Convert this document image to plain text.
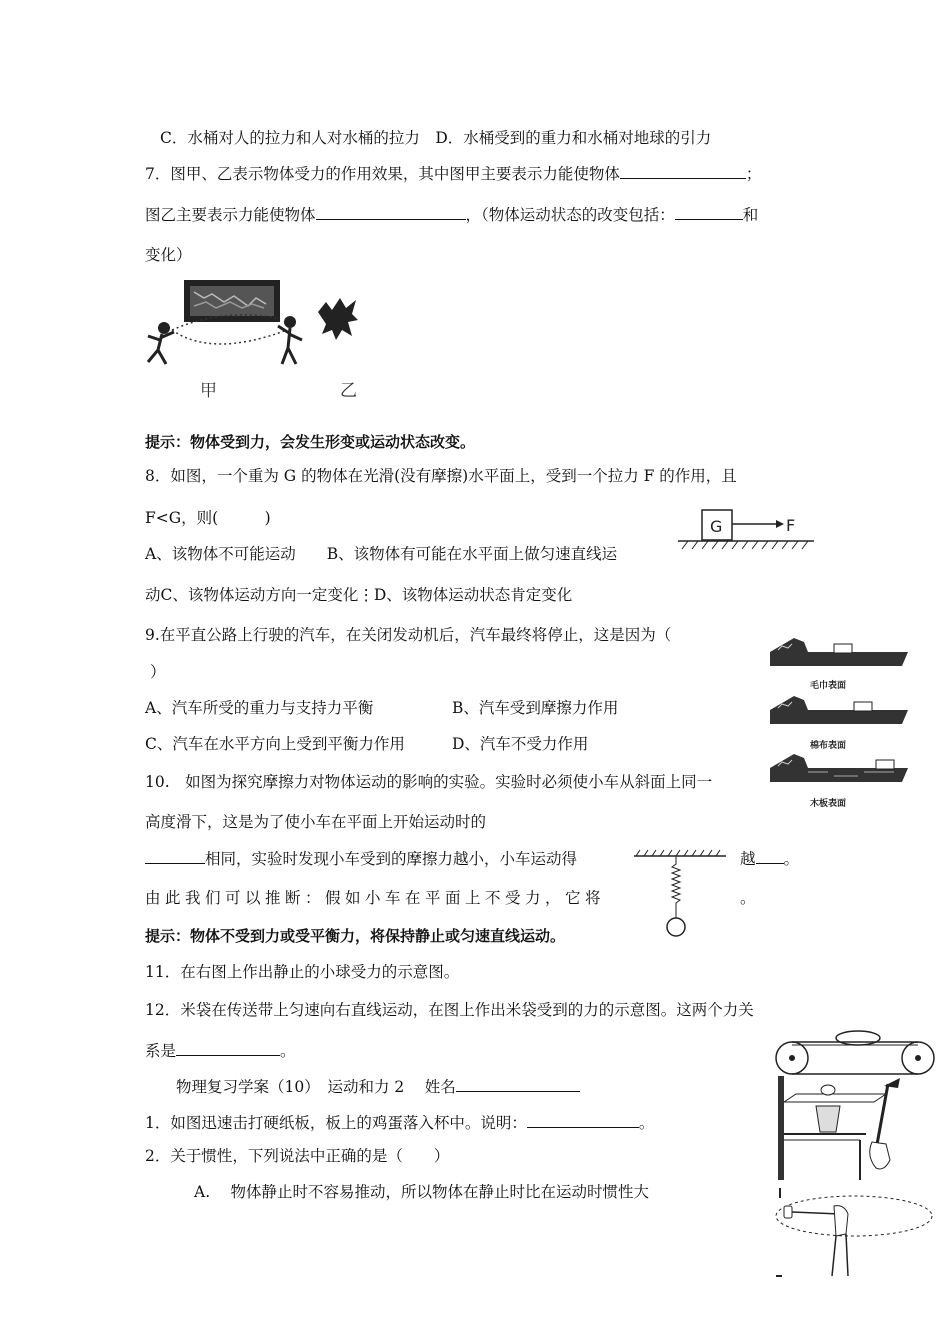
C．水桶对人的拉力和人对水桶的拉力　D．水桶受到的重力和水桶对地球的引力
7．图甲、乙表示物体受力的作用效果，其中图甲主要表示力能使物体	；
图乙主要表示力能使物体	，（物体运动状态的改变包括：	和
变化）
甲	乙
提示：物体受到力，会发生形变或运动状态改变。
8．如图，一个重为 G 的物体在光滑(没有摩擦)水平面上，受到一个拉力 F 的作用，且
F<G，则(　　　)	G	F
A、该物体不可能运动　　B、该物体有可能在水平面上做匀速直线运
动C、该物体运动方向一定变化⋮D、该物体运动状态肯定变化
9.在平直公路上行驶的汽车，在关闭发动机后，汽车最终将停止，这是因为（
）
A、汽车所受的重力与支持力平衡	B、汽车受到摩擦力作用
C、汽车在水平方向上受到平衡力作用	D、汽车不受力作用
毛巾表面
棉布表面
木板表面
10.　如图为探究摩擦力对物体运动的影响的实验。实验时必须使小车从斜面上同一
高度滑下，这是为了使小车在平面上开始运动时的
相同，实验时发现小车受到的摩擦力越小，小车运动得	越 。
由此我们可以推断：假如小车在平面上不受力，它将	。
提示：物体不受到力或受平衡力，将保持静止或匀速直线运动。
11．在右图上作出静止的小球受力的示意图。
12．米袋在传送带上匀速向右直线运动，在图上作出米袋受到的力的示意图。这两个力关
系是	。
物理复习学案（10）　运动和力 2　 姓名
1．如图迅速击打硬纸板，板上的鸡蛋落入杯中。说明：	。
2．关于惯性，下列说法中正确的是（　　）
A.　 物体静止时不容易推动，所以物体在静止时比在运动时惯性大
